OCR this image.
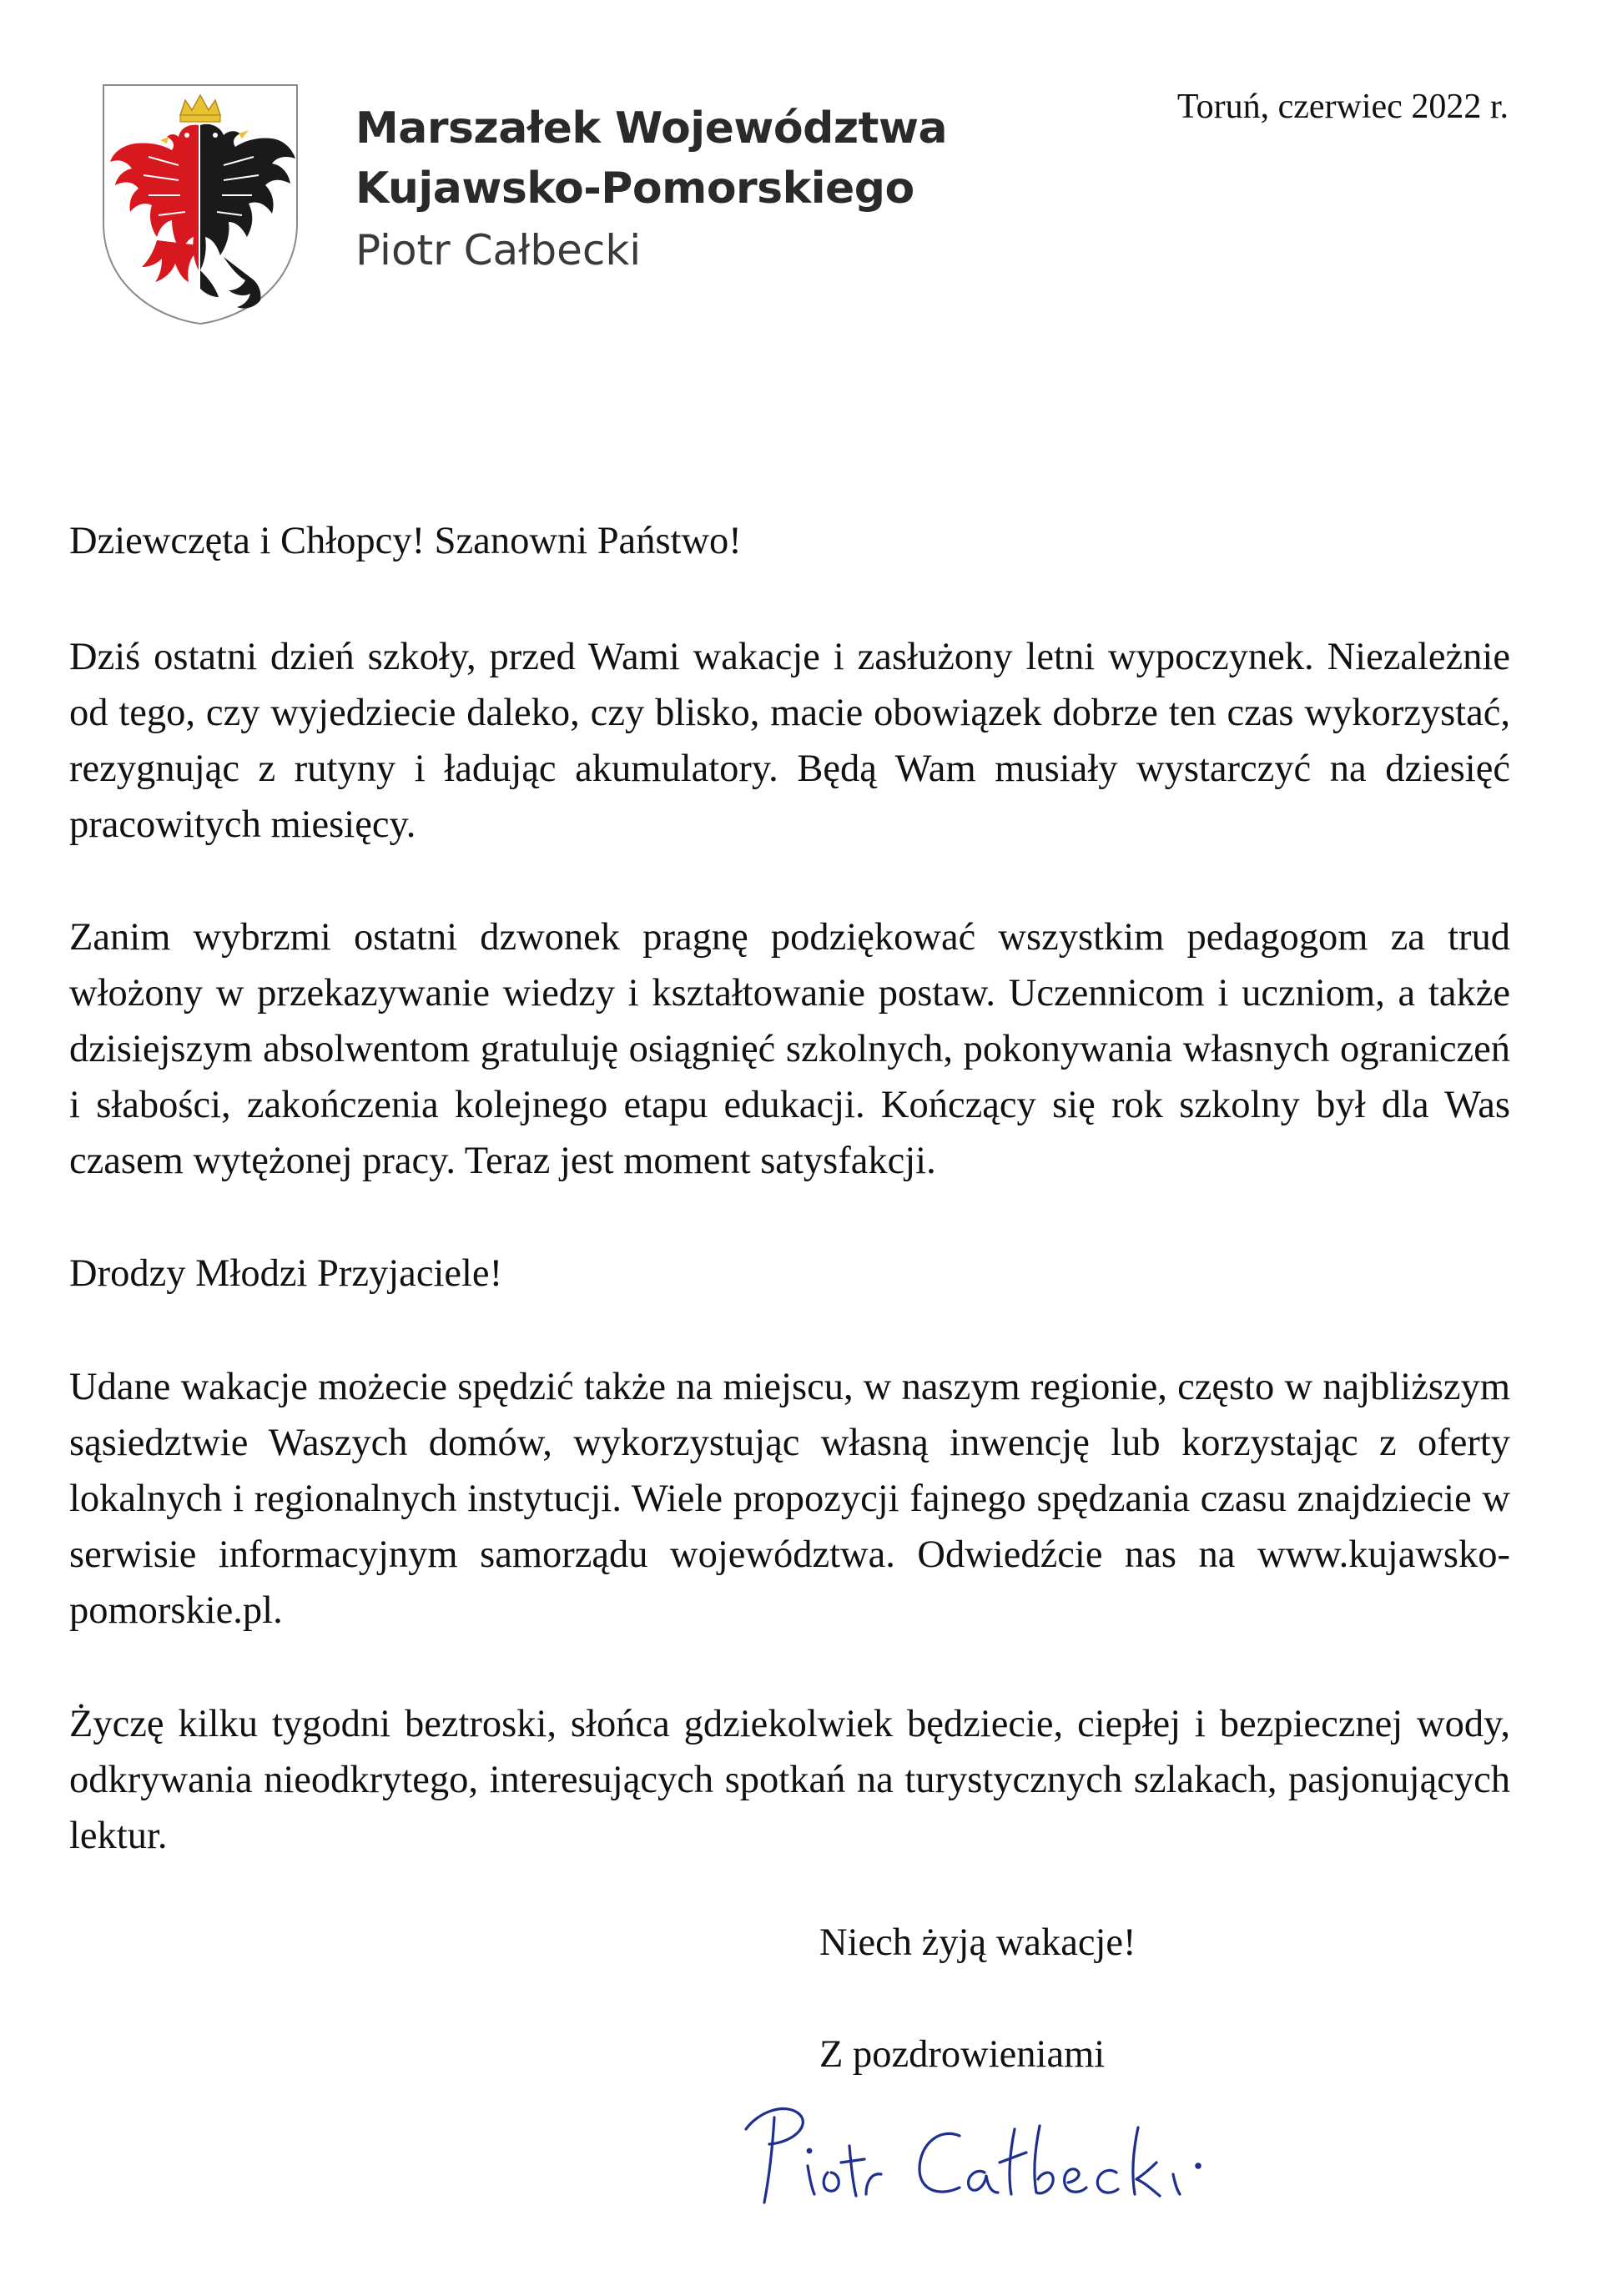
Marszałek Województwa
Kujawsko-Pomorskiego
Piotr Całbecki
Toruń, czerwiec 2022 r.
Dziewczęta i Chłopcy! Szanowni Państwo!

Dziś ostatni dzień szkoły, przed Wami wakacje i zasłużony letni wypoczynek. Niezależnie od tego, czy wyjedziecie daleko, czy blisko, macie obowiązek dobrze ten czas wykorzystać, rezygnując z rutyny i ładując akumulatory. Będą Wam musiały wystarczyć na dziesięć pracowitych miesięcy.

Zanim wybrzmi ostatni dzwonek pragnę podziękować wszystkim pedagogom za trud włożony w przekazywanie wiedzy i kształtowanie postaw. Uczennicom i uczniom, a także dzisiejszym absolwentom gratuluję osiągnięć szkolnych, pokonywania własnych ograniczeń i słabości, zakończenia kolejnego etapu edukacji. Kończący się rok szkolny był dla Was czasem wytężonej pracy. Teraz jest moment satysfakcji.

Drodzy Młodzi Przyjaciele!

Udane wakacje możecie spędzić także na miejscu, w naszym regionie, często w najbliższym sąsiedztwie Waszych domów, wykorzystując własną inwencję lub korzystając z oferty lokalnych i regionalnych instytucji. Wiele propozycji fajnego spędzania czasu znajdziecie w serwisie informacyjnym samorządu województwa. Odwiedźcie nas na www.kujawsko-pomorskie.pl.

Życzę kilku tygodni beztroski, słońca gdziekolwiek będziecie, ciepłej i bezpiecznej wody, odkrywania nieodkrytego, interesujących spotkań na turystycznych szlakach, pasjonujących lektur.

Niech żyją wakacje!
Z pozdrowieniami
